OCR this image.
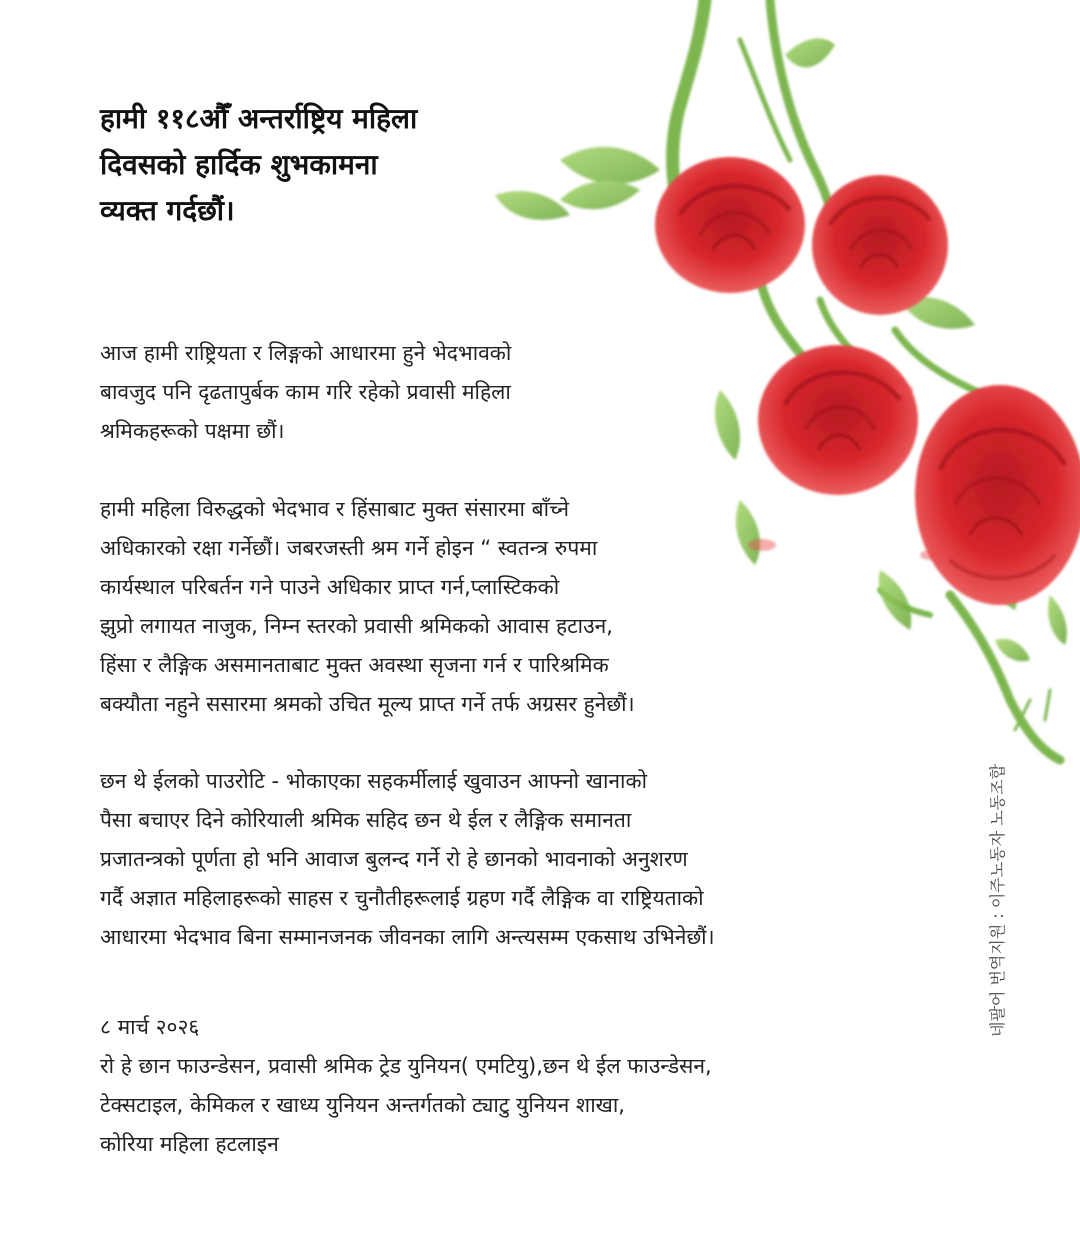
हामी ११८औँ अन्तर्राष्ट्रिय महिला
दिवसको हार्दिक शुभकामना
व्यक्त गर्दछौं।

आज हामी राष्ट्रियता र लिङ्गको आधारमा हुने भेदभावको
बावजुद पनि दृढतापुर्बक काम गरि रहेको प्रवासी महिला
श्रमिकहरूको पक्षमा छौं।

हामी महिला विरुद्धको भेदभाव र हिंसाबाट मुक्त संसारमा बाँच्ने
अधिकारको रक्षा गर्नेछौं। जबरजस्ती श्रम गर्ने होइन “ स्वतन्त्र रुपमा
कार्यस्थाल परिबर्तन गने पाउने अधिकार प्राप्त गर्न,प्लास्टिकको
झुप्रो लगायत नाजुक, निम्न स्तरको प्रवासी श्रमिकको आवास हटाउन,
हिंसा र लैङ्गिक असमानताबाट मुक्त अवस्था सृजना गर्न र पारिश्रमिक
बक्यौता नहुने ससारमा श्रमको उचित मूल्य प्राप्त गर्ने तर्फ अग्रसर हुनेछौं।

छन थे ईलको पाउरोटि - भोकाएका सहकर्मीलाई खुवाउन आफ्नो खानाको
पैसा बचाएर दिने कोरियाली श्रमिक सहिद छन थे ईल र लैङ्गिक समानता
प्रजातन्त्रको पूर्णता हो भनि आवाज बुलन्द गर्ने रो हे छानको भावनाको अनुशरण
गर्दै अज्ञात महिलाहरूको साहस र चुनौतीहरूलाई ग्रहण गर्दै लैङ्गिक वा राष्ट्रियताको
आधारमा भेदभाव बिना सम्मानजनक जीवनका लागि अन्त्यसम्म एकसाथ उभिनेछौं।

८ मार्च २०२६
रो हे छान फाउन्डेसन, प्रवासी श्रमिक ट्रेड युनियन( एमटियु),छन थे ईल फाउन्डेसन,
टेक्सटाइल, केमिकल र खाध्य युनियन अन्तर्गतको ट्याटु युनियन शाखा,
कोरिया महिला हटलाइन

네팔어 번역지원 : 이주노동자 노동조합
